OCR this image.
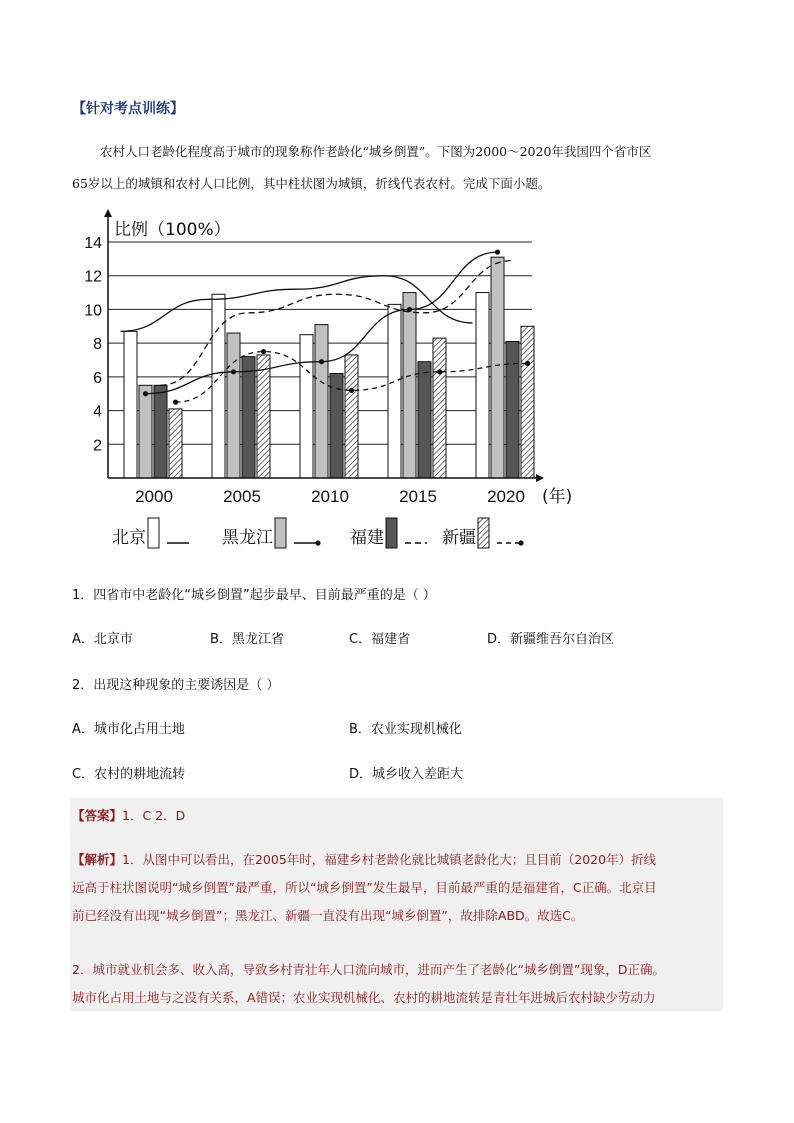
【针对考点训练】

农村人口老龄化程度高于城市的现象称作老龄化“城乡倒置”。下图为2000～2020年我国四个省市区

65岁以上的城镇和农村人口比例，其中柱状图为城镇，折线代表农村。完成下面小题。

2
4
6
8
10
12
14
比例（100%）
2000	2005	2010	2015	2020 (年)
北京	黑龙江	福建	新疆
1．四省市中老龄化“城乡倒置”起步最早、目前最严重的是（ ）
A．北京市	B．黑龙江省	C．福建省	D．新疆维吾尔自治区
2．出现这种现象的主要诱因是（ ）
A．城市化占用土地	B．农业实现机械化
C．农村的耕地流转	D．城乡收入差距大
【答案】1．C 2．D

【解析】1．从图中可以看出，在2005年时，福建乡村老龄化就比城镇老龄化大；且目前（2020年）折线

远高于柱状图说明“城乡倒置”最严重，所以“城乡倒置”发生最早，目前最严重的是福建省，C正确。北京目

前已经没有出现“城乡倒置”；黑龙江、新疆一直没有出现“城乡倒置”，故排除ABD。故选C。

2．城市就业机会多、收入高，导致乡村青壮年人口流向城市，进而产生了老龄化“城乡倒置”现象，D正确。

城市化占用土地与之没有关系，A错误；农业实现机械化、农村的耕地流转是青壮年进城后农村缺少劳动力
